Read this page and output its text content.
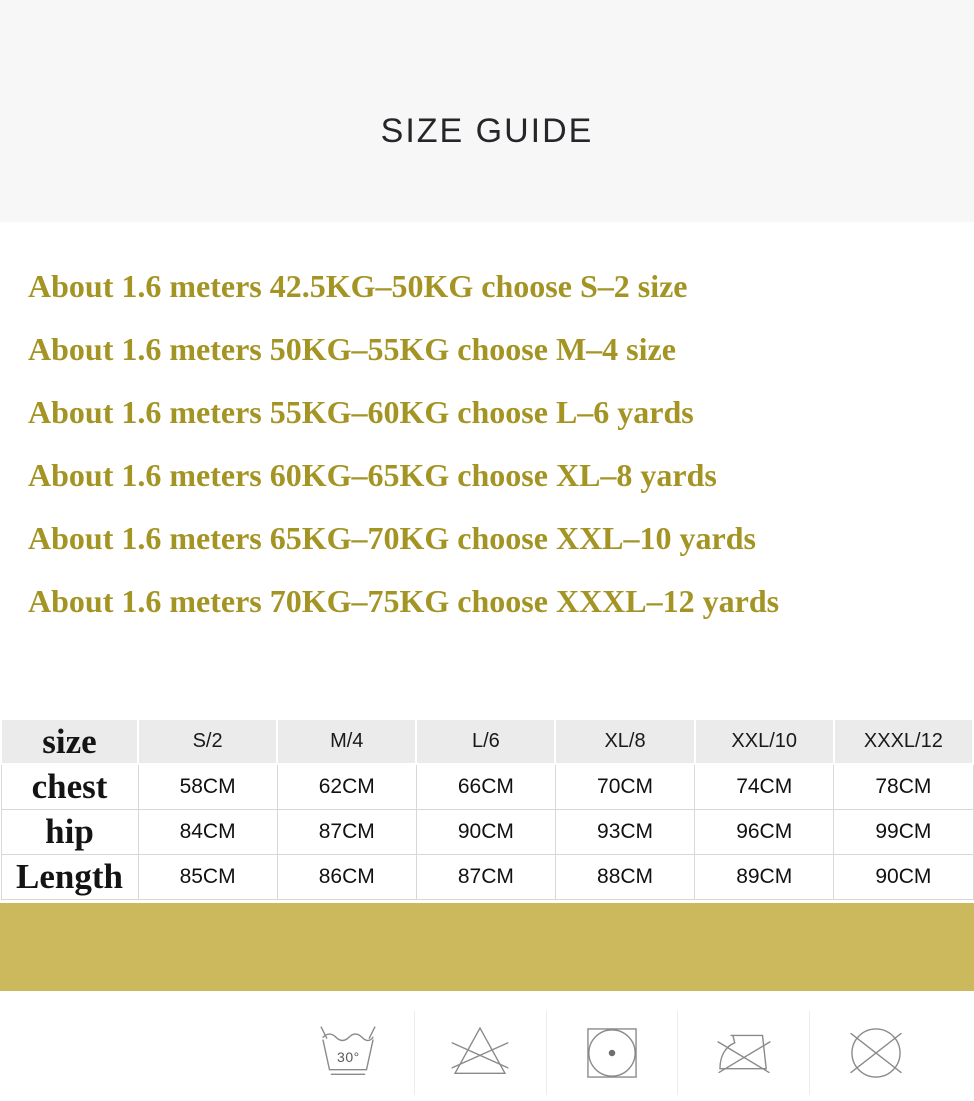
SIZE GUIDE
About 1.6 meters 42.5KG–50KG choose S–2 size
About 1.6 meters 50KG–55KG choose M–4 size
About 1.6 meters 55KG–60KG choose L–6 yards
About 1.6 meters 60KG–65KG choose XL–8 yards
About 1.6 meters 65KG–70KG choose XXL–10 yards
About 1.6 meters 70KG–75KG choose XXXL–12 yards
size	S/2	M/4	L/6	XL/8	XXL/10	XXXL/12
chest	58CM	62CM	66CM	70CM	74CM	78CM
hip	84CM	87CM	90CM	93CM	96CM	99CM
Length	85CM	86CM	87CM	88CM	89CM	90CM
30°
